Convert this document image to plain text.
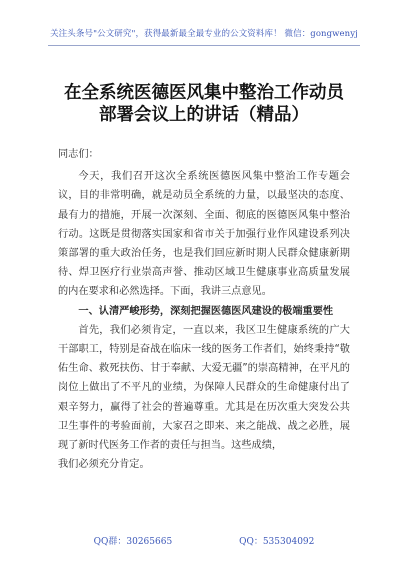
关注头条号"公文研究"，获得最新最全最专业的公文资料库！ 微信：gongwenyj
在全系统医德医风集中整治工作动员
部署会议上的讲话（精品）

同志们：

今天，我们召开这次全系统医德医风集中整治工作专题会议，目的非常明确，就是动员全系统的力量，以最坚决的态度、最有力的措施，开展一次深刻、全面、彻底的医德医风集中整治行动。这既是贯彻落实国家和省市关于加强行业作风建设系列决策部署的重大政治任务，也是我们回应新时期人民群众健康新期待、焊卫医疗行业崇高声誉、推动区域卫生健康事业高质量发展的内在要求和必然选择。下面，我讲三点意见。

一、认清严峻形势，深刻把握医德医风建设的极端重要性

首先，我们必须肯定，一直以来，我区卫生健康系统的广大干部职工，特别是奋战在临床一线的医务工作者们，始终秉持“敬佑生命、救死扶伤、甘于奉献、大爱无疆”的崇高精神，在平凡的岗位上做出了不平凡的业绩，为保障人民群众的生命健康付出了艰辛努力，赢得了社会的普遍尊重。尤其是在历次重大突发公共卫生事件的考验面前，大家召之即来、来之能战、战之必胜，展现了新时代医务工作者的责任与担当。这些成绩，

我们必须充分肯定。

QQ群：30265665	QQ：535304092
